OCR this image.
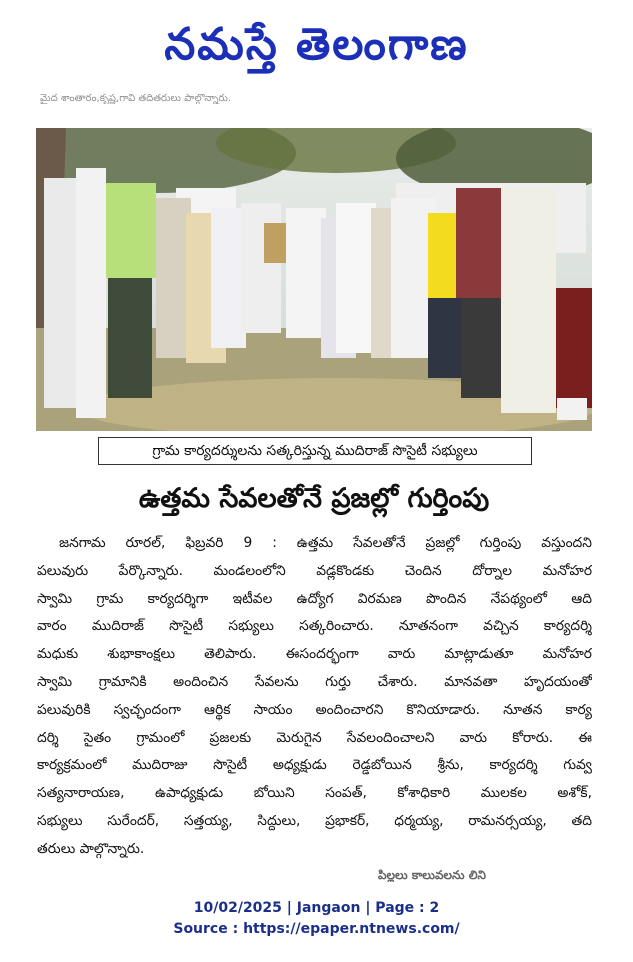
నమస్తే తెలంగాణ
మైద శాంతారం,కృష్ణ,గావి తదితరులు పాల్గొన్నారు.
గ్రామ కార్యదర్శులను సత్కరిస్తున్న ముదిరాజ్ సొసైటీ సభ్యులు
ఉత్తమ సేవలతోనే ప్రజల్లో గుర్తింపు
జనగామ రూరల్, ఫిబ్రవరి 9 : ఉత్తమ సేవలతోనే ప్రజల్లో గుర్తింపు వస్తుందని
పలువురు పేర్కొన్నారు. మండలంలోని వడ్లకొండకు చెందిన దోర్నాల మనోహర
స్వామి గ్రామ కార్యదర్శిగా ఇటీవల ఉద్యోగ విరమణ పొందిన నేపథ్యంలో ఆది
వారం ముదిరాజ్ సొసైటీ సభ్యులు సత్కరించారు. నూతనంగా వచ్చిన కార్యదర్శి
మధుకు శుభాకాంక్షలు తెలిపారు. ఈసందర్భంగా వారు మాట్లాడుతూ మనోహర
స్వామి గ్రామానికి అందించిన సేవలను గుర్తు చేశారు. మానవతా హృదయంతో
పలువురికి స్వచ్ఛందంగా ఆర్థిక సాయం అందించారని కొనియాడారు. నూతన కార్య
దర్శి సైతం గ్రామంలో ప్రజలకు మెరుగైన సేవలందించాలని వారు కోరారు. ఈ
కార్యక్రమంలో ముదిరాజు సొసైటీ అధ్యక్షుడు రెడ్డబోయిన శ్రీను, కార్యదర్శి గువ్వ
సత్యనారాయణ, ఉపాధ్యక్షుడు బోయిని సంపత్, కోశాధికారి ములకల అశోక్,
సభ్యులు సురేందర్, సత్తయ్య, సిద్దులు, ప్రభాకర్, ధర్మయ్య, రామనర్సయ్య, తది
తరులు పాల్గొన్నారు.
పిల్లలు కాలువలను లిని
10/02/2025 | Jangaon | Page : 2
Source : https://epaper.ntnews.com/
